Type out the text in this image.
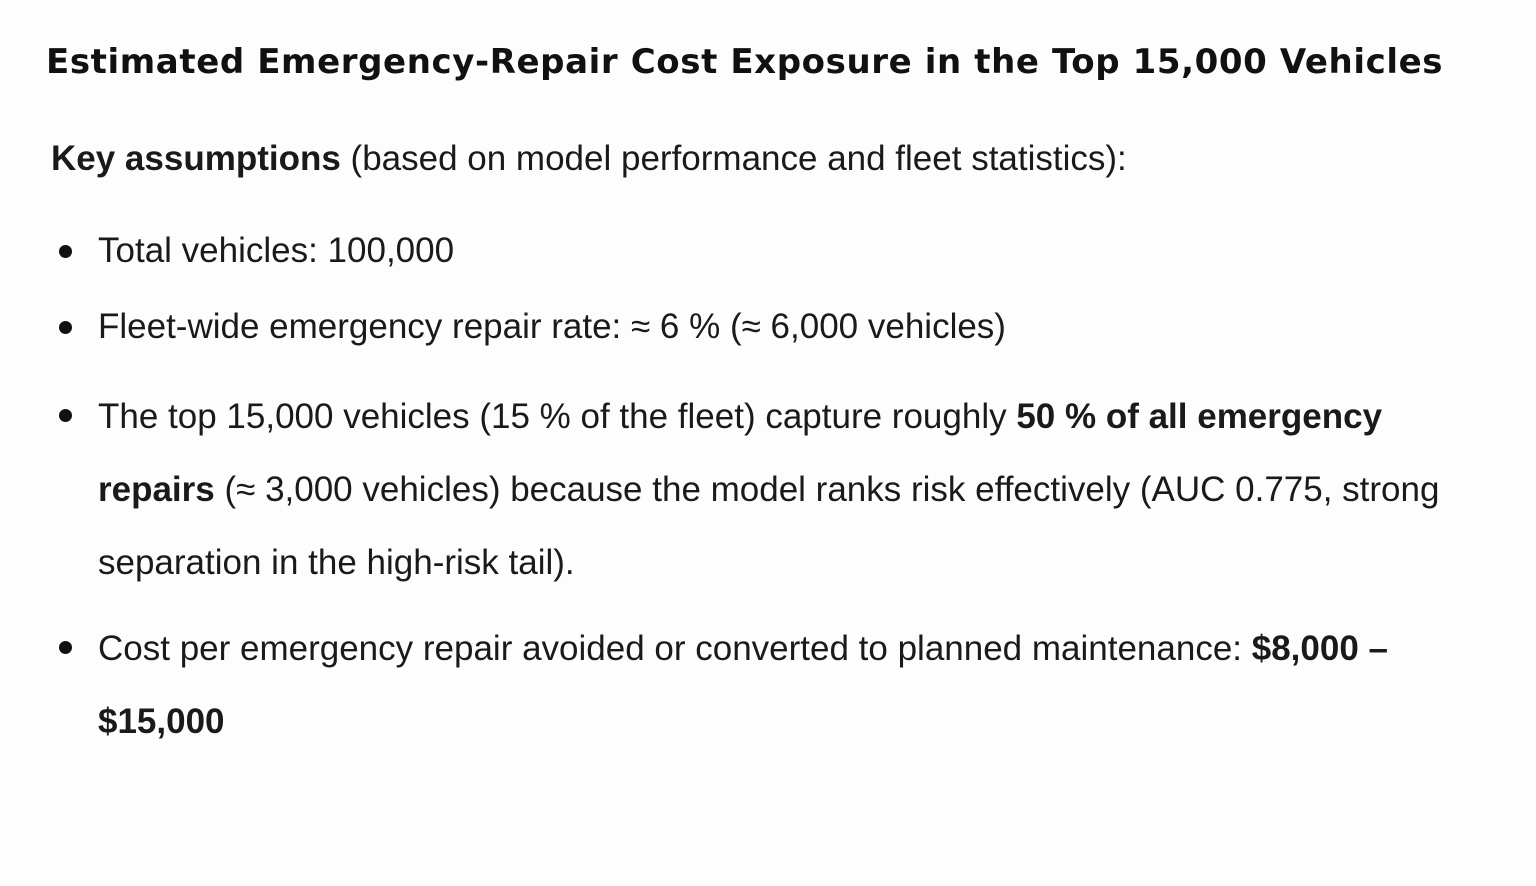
Estimated Emergency-Repair Cost Exposure in the Top 15,000 Vehicles

Key assumptions (based on model performance and fleet statistics):

Total vehicles: 100,000
Fleet-wide emergency repair rate: ≈ 6 % (≈ 6,000 vehicles)
The top 15,000 vehicles (15 % of the fleet) capture roughly 50 % of all emergency repairs (≈ 3,000 vehicles) because the model ranks risk effectively (AUC 0.775, strong separation in the high-risk tail).
Cost per emergency repair avoided or converted to planned maintenance: $8,000 – $15,000
